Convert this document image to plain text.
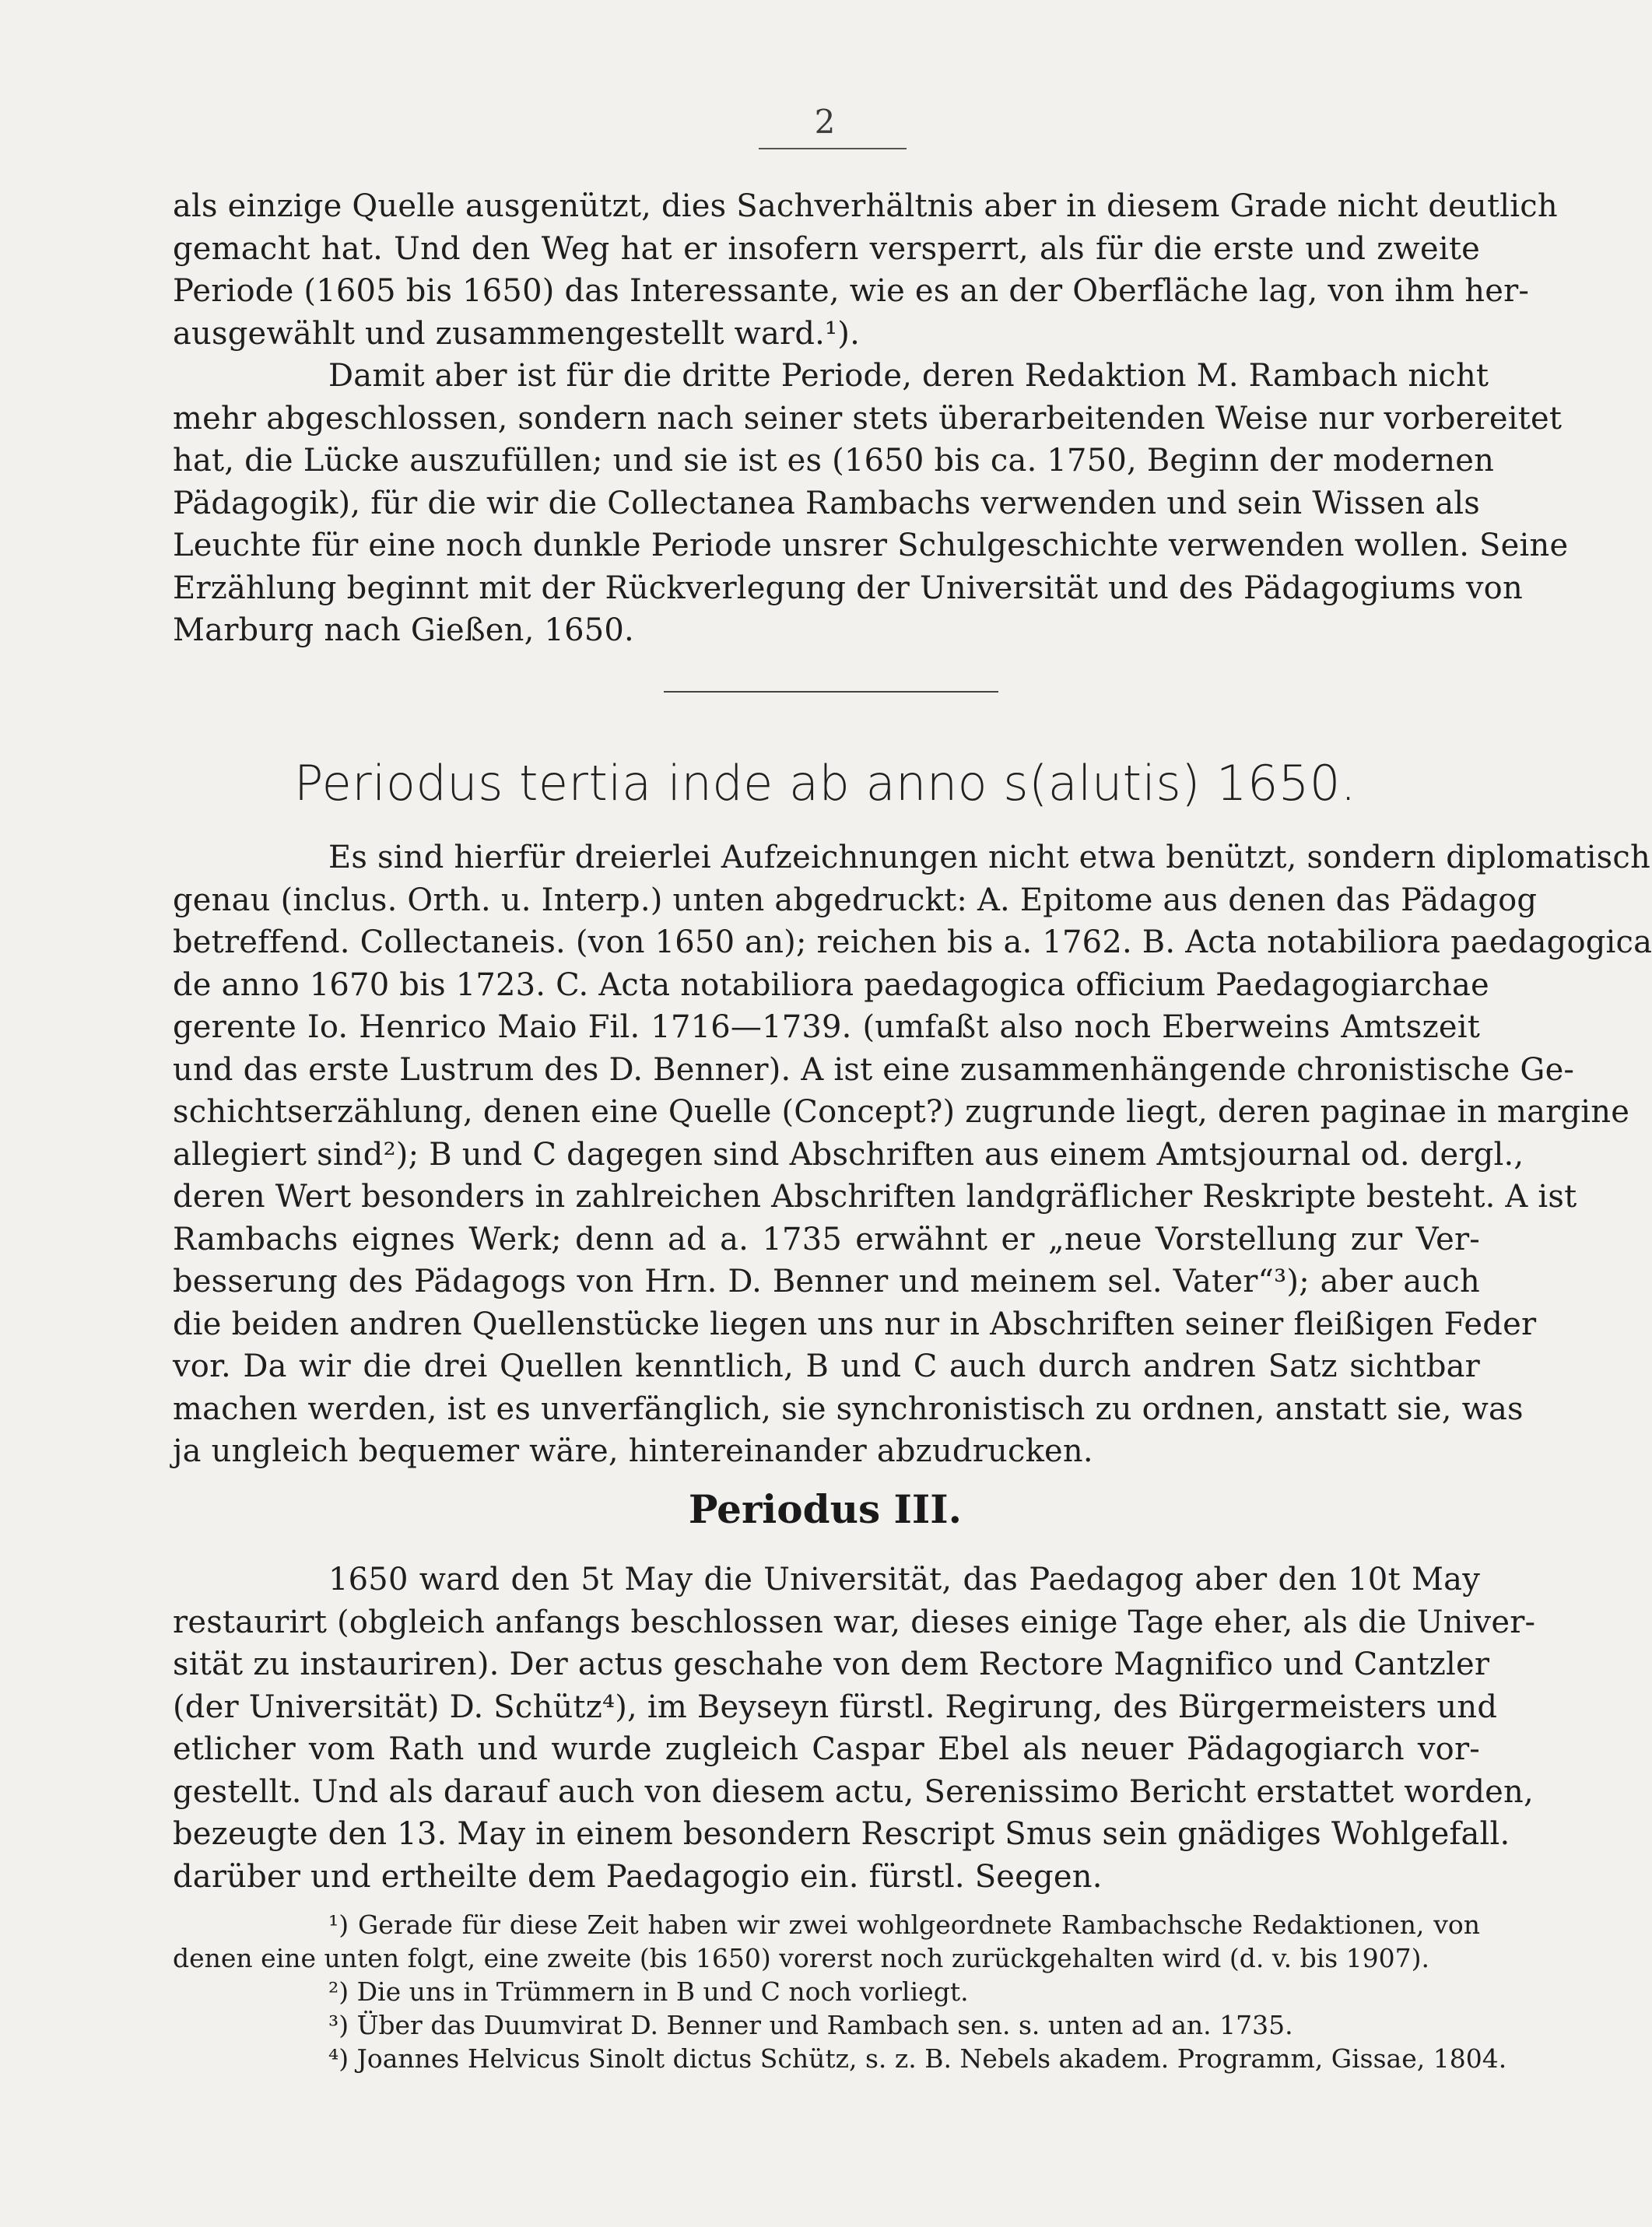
2
als einzige Quelle ausgenützt, dies Sachverhältnis aber in diesem Grade nicht deutlich
gemacht hat. Und den Weg hat er insofern versperrt, als für die erste und zweite
Periode (1605 bis 1650) das Interessante, wie es an der Oberfläche lag, von ihm her-
ausgewählt und zusammengestellt ward.¹).
Damit aber ist für die dritte Periode, deren Redaktion M. Rambach nicht
mehr abgeschlossen, sondern nach seiner stets überarbeitenden Weise nur vorbereitet
hat, die Lücke auszufüllen; und sie ist es (1650 bis ca. 1750, Beginn der modernen
Pädagogik), für die wir die Collectanea Rambachs verwenden und sein Wissen als
Leuchte für eine noch dunkle Periode unsrer Schulgeschichte verwenden wollen. Seine
Erzählung beginnt mit der Rückverlegung der Universität und des Pädagogiums von
Marburg nach Gießen, 1650.
Periodus tertia inde ab anno s(alutis) 1650.
Es sind hierfür dreierlei Aufzeichnungen nicht etwa benützt, sondern diplomatisch
genau (inclus. Orth. u. Interp.) unten abgedruckt: A. Epitome aus denen das Pädagog
betreffend. Collectaneis. (von 1650 an); reichen bis a. 1762. B. Acta notabiliora paedagogica
de anno 1670 bis 1723. C. Acta notabiliora paedagogica officium Paedagogiarchae
gerente Io. Henrico Maio Fil. 1716—1739. (umfaßt also noch Eberweins Amtszeit
und das erste Lustrum des D. Benner). A ist eine zusammenhängende chronistische Ge-
schichtserzählung, denen eine Quelle (Concept?) zugrunde liegt, deren paginae in margine
allegiert sind²); B und C dagegen sind Abschriften aus einem Amtsjournal od. dergl.,
deren Wert besonders in zahlreichen Abschriften landgräflicher Reskripte besteht. A ist
Rambachs eignes Werk; denn ad a. 1735 erwähnt er „neue Vorstellung zur Ver-
besserung des Pädagogs von Hrn. D. Benner und meinem sel. Vater“³); aber auch
die beiden andren Quellenstücke liegen uns nur in Abschriften seiner fleißigen Feder
vor. Da wir die drei Quellen kenntlich, B und C auch durch andren Satz sichtbar
machen werden, ist es unverfänglich, sie synchronistisch zu ordnen, anstatt sie, was
ja ungleich bequemer wäre, hintereinander abzudrucken.
Periodus III.
1650 ward den 5t May die Universität, das Paedagog aber den 10t May
restaurirt (obgleich anfangs beschlossen war, dieses einige Tage eher, als die Univer-
sität zu instauriren). Der actus geschahe von dem Rectore Magnifico und Cantzler
(der Universität) D. Schütz⁴), im Beyseyn fürstl. Regirung, des Bürgermeisters und
etlicher vom Rath und wurde zugleich Caspar Ebel als neuer Pädagogiarch vor-
gestellt. Und als darauf auch von diesem actu, Serenissimo Bericht erstattet worden,
bezeugte den 13. May in einem besondern Rescript Smus sein gnädiges Wohlgefall.
darüber und ertheilte dem Paedagogio ein. fürstl. Seegen.
¹) Gerade für diese Zeit haben wir zwei wohlgeordnete Rambachsche Redaktionen, von
denen eine unten folgt, eine zweite (bis 1650) vorerst noch zurückgehalten wird (d. v. bis 1907).
²) Die uns in Trümmern in B und C noch vorliegt.
³) Über das Duumvirat D. Benner und Rambach sen. s. unten ad an. 1735.
⁴) Joannes Helvicus Sinolt dictus Schütz, s. z. B. Nebels akadem. Programm, Gissae, 1804.
